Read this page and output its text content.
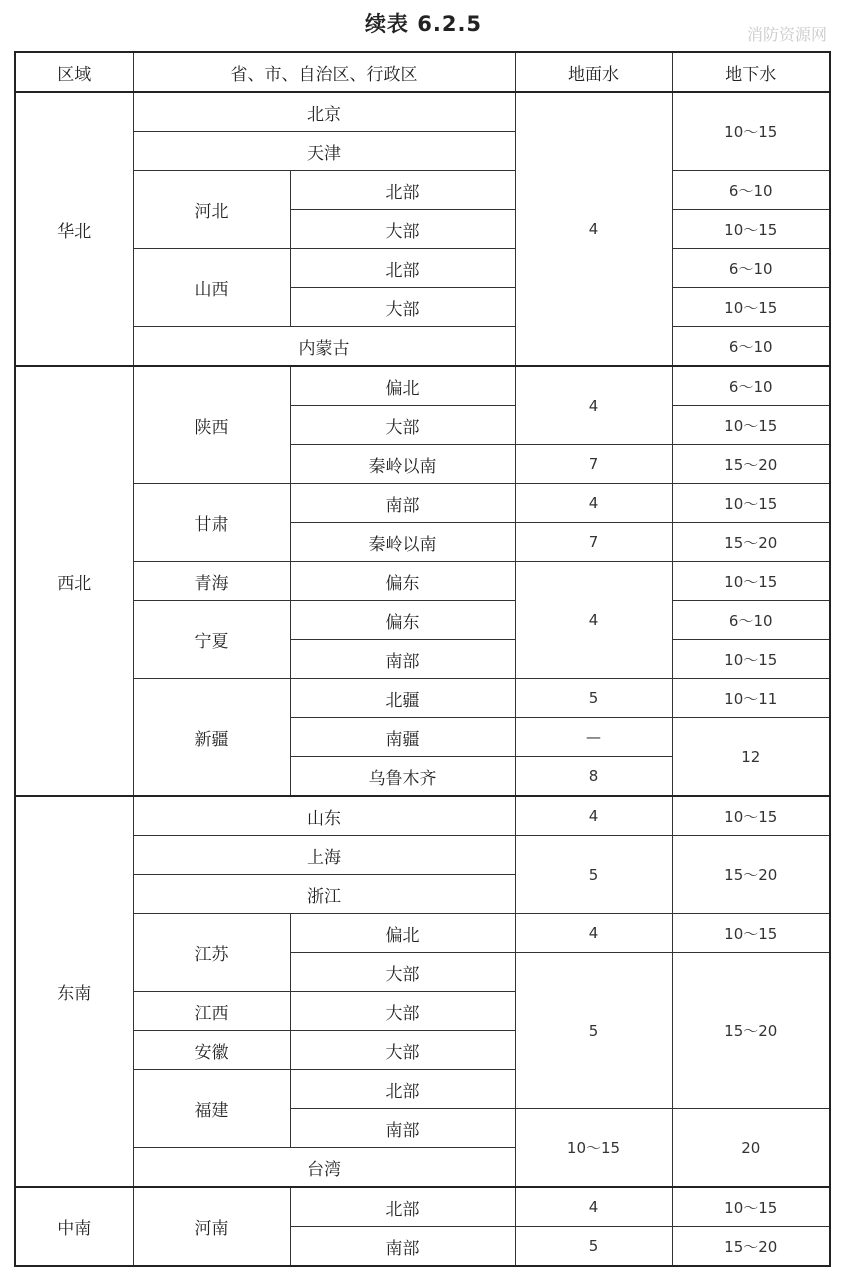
续表 6.2.5	消防资源网
区域	省、市、自治区、行政区		地面水	地下水
华北	北京		4	10～15
	天津			
	河北	北部		6～10
		大部		10～15
	山西	北部		6～10
		大部		10～15
	内蒙古			6～10
西北	陕西	偏北	4	6～10
		大部		10～15
		秦岭以南	7	15～20
	甘肃	南部	4	10～15
		秦岭以南	7	15～20
	青海	偏东	4	10～15
	宁夏	偏东		6～10
		南部		10～15
	新疆	北疆	5	10～11
		南疆	—	12
		乌鲁木齐	8	
东南	山东		4	10～15
	上海		5	15～20
	浙江			
	江苏	偏北	4	10～15
		大部	5	15～20
	江西	大部		
	安徽	大部		
	福建	北部		
		南部	10～15	20
	台湾			
中南	河南	北部	4	10～15
		南部	5	15～20
